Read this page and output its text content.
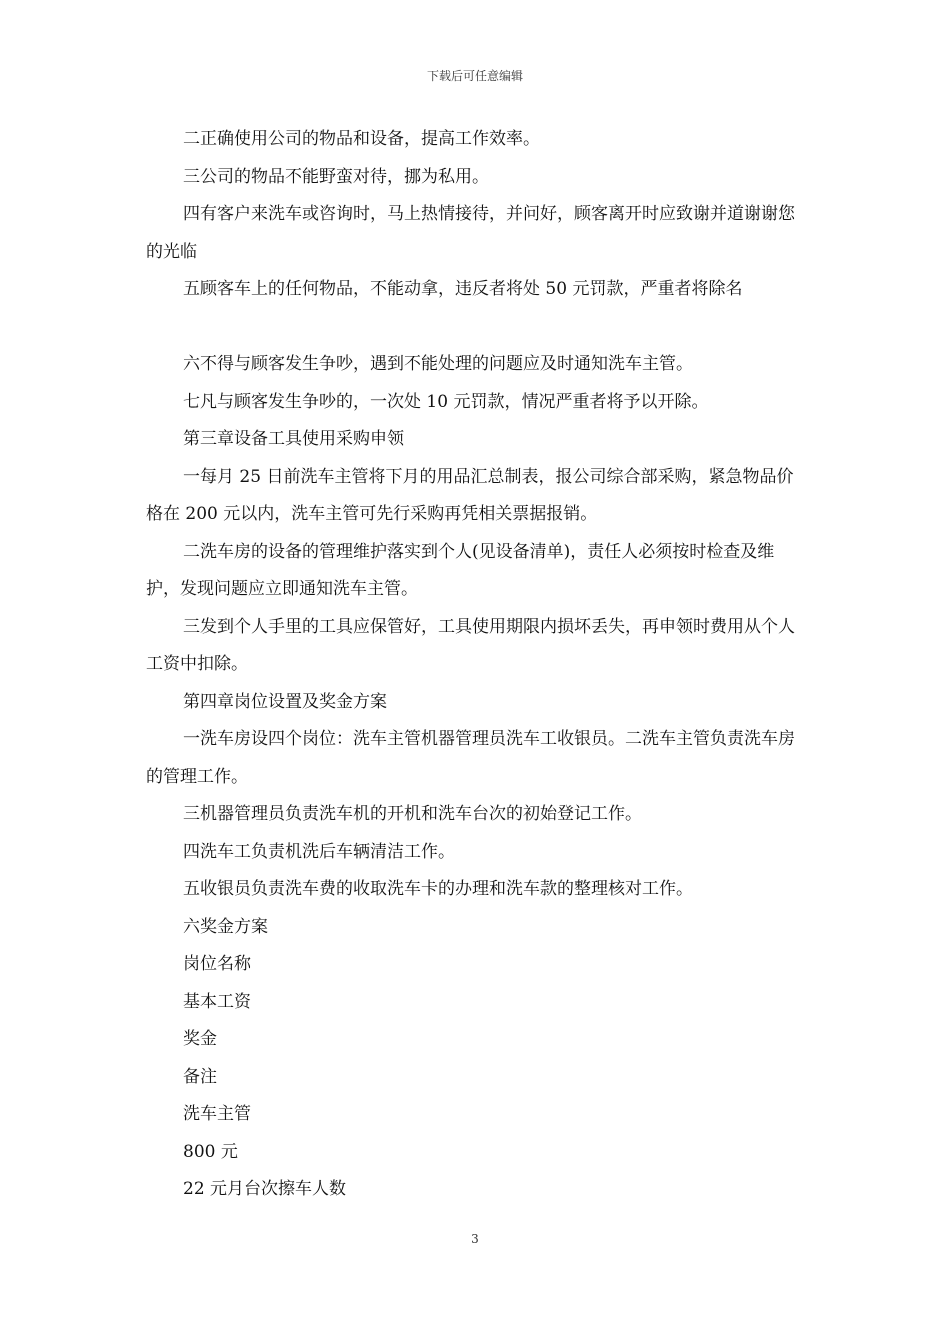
下载后可任意编辑

二正确使用公司的物品和设备，提高工作效率。

三公司的物品不能野蛮对待，挪为私用。

四有客户来洗车或咨询时，马上热情接待，并问好，顾客离开时应致谢并道谢谢您的光临

五顾客车上的任何物品，不能动拿，违反者将处 50 元罚款，严重者将除名

六不得与顾客发生争吵，遇到不能处理的问题应及时通知洗车主管。

七凡与顾客发生争吵的，一次处 10 元罚款，情况严重者将予以开除。

第三章设备工具使用采购申领

一每月 25 日前洗车主管将下月的用品汇总制表，报公司综合部采购，紧急物品价格在 200 元以内，洗车主管可先行采购再凭相关票据报销。

二洗车房的设备的管理维护落实到个人(见设备清单)，责任人必须按时检查及维护，发现问题应立即通知洗车主管。

三发到个人手里的工具应保管好，工具使用期限内损坏丢失，再申领时费用从个人工资中扣除。

第四章岗位设置及奖金方案

一洗车房设四个岗位：洗车主管机器管理员洗车工收银员。二洗车主管负责洗车房的管理工作。

三机器管理员负责洗车机的开机和洗车台次的初始登记工作。

四洗车工负责机洗后车辆清洁工作。

五收银员负责洗车费的收取洗车卡的办理和洗车款的整理核对工作。

六奖金方案

岗位名称

基本工资

奖金

备注

洗车主管

800 元

22 元月台次擦车人数

3
